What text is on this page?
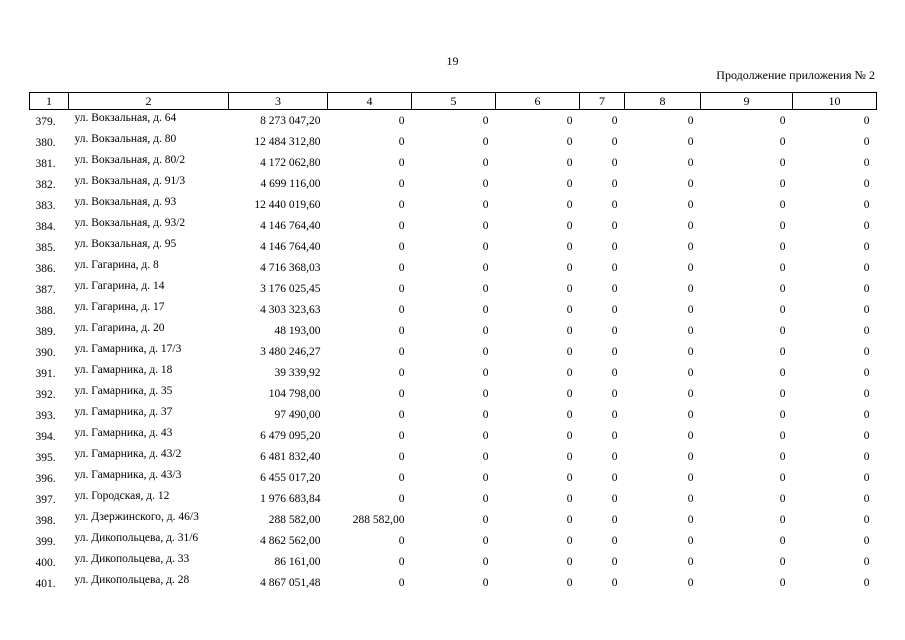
19
Продолжение приложения № 2
1	2	3	4	5	6	7	8	9	10
379.	ул. Вокзальная, д. 64	8 273 047,20	0	0	0	0	0	0	0
380.	ул. Вокзальная, д. 80	12 484 312,80	0	0	0	0	0	0	0
381.	ул. Вокзальная, д. 80/2	4 172 062,80	0	0	0	0	0	0	0
382.	ул. Вокзальная, д. 91/3	4 699 116,00	0	0	0	0	0	0	0
383.	ул. Вокзальная, д. 93	12 440 019,60	0	0	0	0	0	0	0
384.	ул. Вокзальная, д. 93/2	4 146 764,40	0	0	0	0	0	0	0
385.	ул. Вокзальная, д. 95	4 146 764,40	0	0	0	0	0	0	0
386.	ул. Гагарина, д. 8	4 716 368,03	0	0	0	0	0	0	0
387.	ул. Гагарина, д. 14	3 176 025,45	0	0	0	0	0	0	0
388.	ул. Гагарина, д. 17	4 303 323,63	0	0	0	0	0	0	0
389.	ул. Гагарина, д. 20	48 193,00	0	0	0	0	0	0	0
390.	ул. Гамарника, д. 17/3	3 480 246,27	0	0	0	0	0	0	0
391.	ул. Гамарника, д. 18	39 339,92	0	0	0	0	0	0	0
392.	ул. Гамарника, д. 35	104 798,00	0	0	0	0	0	0	0
393.	ул. Гамарника, д. 37	97 490,00	0	0	0	0	0	0	0
394.	ул. Гамарника, д. 43	6 479 095,20	0	0	0	0	0	0	0
395.	ул. Гамарника, д. 43/2	6 481 832,40	0	0	0	0	0	0	0
396.	ул. Гамарника, д. 43/3	6 455 017,20	0	0	0	0	0	0	0
397.	ул. Городская, д. 12	1 976 683,84	0	0	0	0	0	0	0
398.	ул. Дзержинского, д. 46/3	288 582,00	288 582,00	0	0	0	0	0	0
399.	ул. Дикопольцева, д. 31/6	4 862 562,00	0	0	0	0	0	0	0
400.	ул. Дикопольцева, д. 33	86 161,00	0	0	0	0	0	0	0
401.	ул. Дикопольцева, д. 28	4 867 051,48	0	0	0	0	0	0	0
